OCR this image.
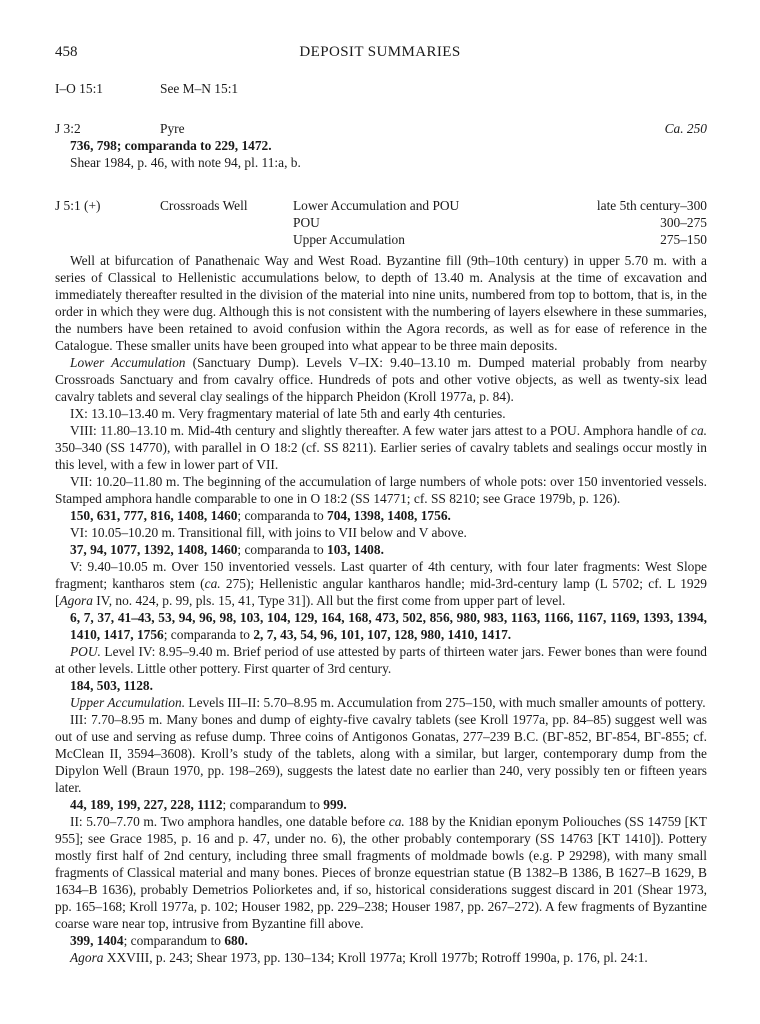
458	DEPOSIT SUMMARIES
I–O 15:1	See M–N 15:1
J 3:2	Pyre	Ca. 250

736, 798; comparanda to 229, 1472.

Shear 1984, p. 46, with note 94, pl. 11:a, b.

J 5:1 (+)	Crossroads Well	Lower Accumulation and POU	late 5th century–300
POU	300–275
Upper Accumulation	275–150

Well at bifurcation of Panathenaic Way and West Road. Byzantine fill (9th–10th century) in upper 5.70 m. with a series of Classical to Hellenistic accumulations below, to depth of 13.40 m. Analysis at the time of excavation and immediately thereafter resulted in the division of the material into nine units, numbered from top to bottom, that is, in the order in which they were dug. Although this is not consistent with the numbering of layers elsewhere in these summaries, the numbers have been retained to avoid confusion within the Agora records, as well as for ease of reference in the Catalogue. These smaller units have been grouped into what appear to be three main deposits.

Lower Accumulation (Sanctuary Dump). Levels V–IX: 9.40–13.10 m. Dumped material probably from nearby Crossroads Sanctuary and from cavalry office. Hundreds of pots and other votive objects, as well as twenty-six lead cavalry tablets and several clay sealings of the hipparch Pheidon (Kroll 1977a, p. 84).

IX: 13.10–13.40 m. Very fragmentary material of late 5th and early 4th centuries.

VIII: 11.80–13.10 m. Mid-4th century and slightly thereafter. A few water jars attest to a POU. Amphora handle of ca. 350–340 (SS 14770), with parallel in O 18:2 (cf. SS 8211). Earlier series of cavalry tablets and sealings occur mostly in this level, with a few in lower part of VII.

VII: 10.20–11.80 m. The beginning of the accumulation of large numbers of whole pots: over 150 inventoried vessels. Stamped amphora handle comparable to one in O 18:2 (SS 14771; cf. SS 8210; see Grace 1979b, p. 126).

150, 631, 777, 816, 1408, 1460; comparanda to 704, 1398, 1408, 1756.

VI: 10.05–10.20 m. Transitional fill, with joins to VII below and V above.

37, 94, 1077, 1392, 1408, 1460; comparanda to 103, 1408.

V: 9.40–10.05 m. Over 150 inventoried vessels. Last quarter of 4th century, with four later fragments: West Slope fragment; kantharos stem (ca. 275); Hellenistic angular kantharos handle; mid-3rd-century lamp (L 5702; cf. L 1929 [Agora IV, no. 424, p. 99, pls. 15, 41, Type 31]). All but the first come from upper part of level.

6, 7, 37, 41–43, 53, 94, 96, 98, 103, 104, 129, 164, 168, 473, 502, 856, 980, 983, 1163, 1166, 1167, 1169, 1393, 1394, 1410, 1417, 1756; comparanda to 2, 7, 43, 54, 96, 101, 107, 128, 980, 1410, 1417.

POU. Level IV: 8.95–9.40 m. Brief period of use attested by parts of thirteen water jars. Fewer bones than were found at other levels. Little other pottery. First quarter of 3rd century.

184, 503, 1128.

Upper Accumulation. Levels III–II: 5.70–8.95 m. Accumulation from 275–150, with much smaller amounts of pottery.

III: 7.70–8.95 m. Many bones and dump of eighty-five cavalry tablets (see Kroll 1977a, pp. 84–85) suggest well was out of use and serving as refuse dump. Three coins of Antigonos Gonatas, 277–239 B.C. (BΓ-852, BΓ-854, BΓ-855; cf. McClean II, 3594–3608). Kroll’s study of the tablets, along with a similar, but larger, contemporary dump from the Dipylon Well (Braun 1970, pp. 198–269), suggests the latest date no earlier than 240, very possibly ten or fifteen years later.

44, 189, 199, 227, 228, 1112; comparandum to 999.

II: 5.70–7.70 m. Two amphora handles, one datable before ca. 188 by the Knidian eponym Poliouches (SS 14759 [KT 955]; see Grace 1985, p. 16 and p. 47, under no. 6), the other probably contemporary (SS 14763 [KT 1410]). Pottery mostly first half of 2nd century, including three small fragments of moldmade bowls (e.g. P 29298), with many small fragments of Classical material and many bones. Pieces of bronze equestrian statue (B 1382–B 1386, B 1627–B 1629, B 1634–B 1636), probably Demetrios Poliorketes and, if so, historical considerations suggest discard in 201 (Shear 1973, pp. 165–168; Kroll 1977a, p. 102; Houser 1982, pp. 229–238; Houser 1987, pp. 267–272). A few fragments of Byzantine coarse ware near top, intrusive from Byzantine fill above.

399, 1404; comparandum to 680.

Agora XXVIII, p. 243; Shear 1973, pp. 130–134; Kroll 1977a; Kroll 1977b; Rotroff 1990a, p. 176, pl. 24:1.
